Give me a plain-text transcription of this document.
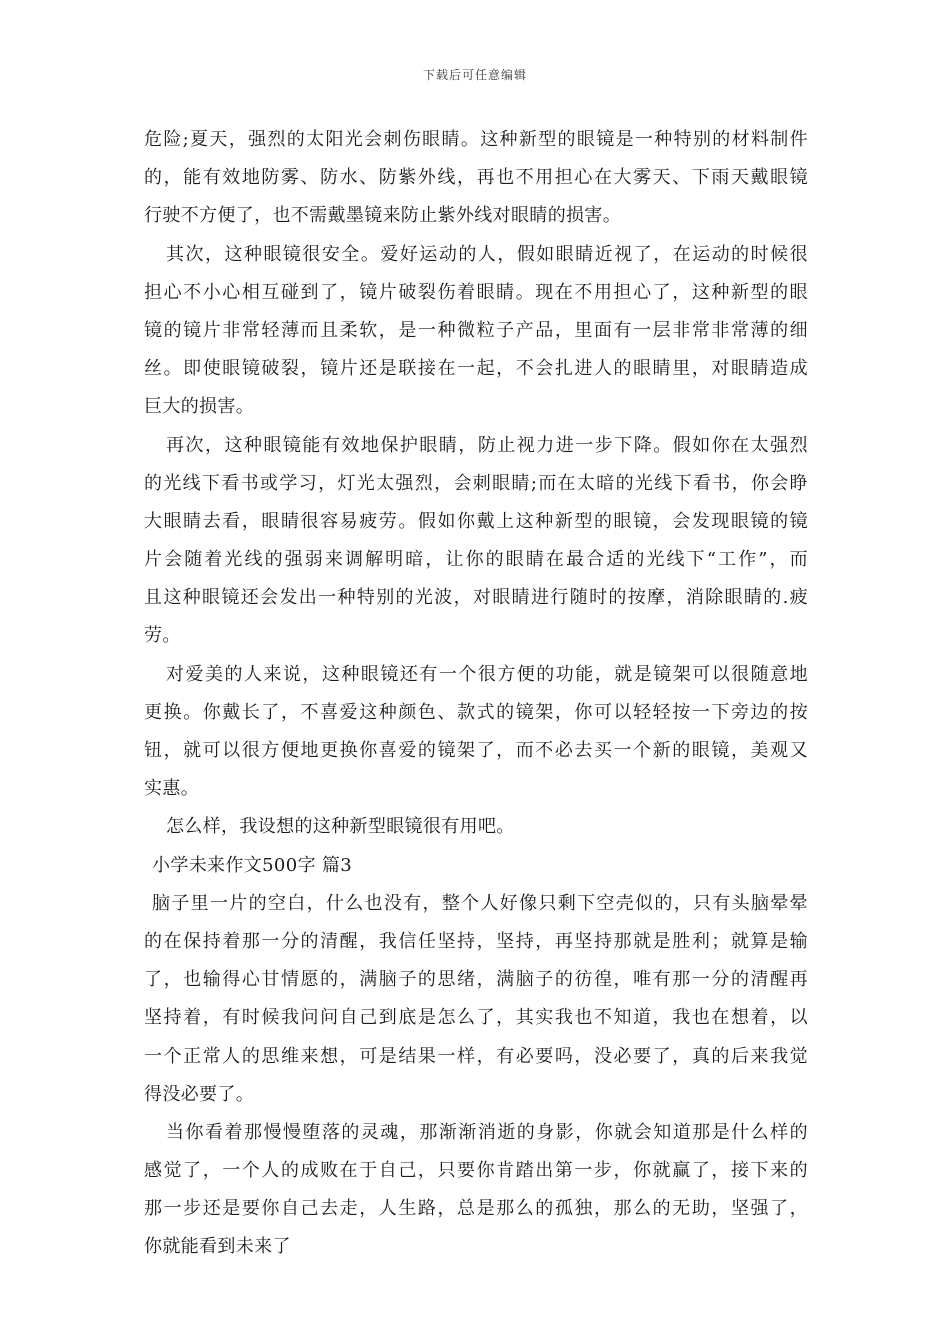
下载后可任意编辑
危险;夏天，强烈的太阳光会刺伤眼睛。这种新型的眼镜是一种特别的材料制件
的，能有效地防雾、防水、防紫外线，再也不用担心在大雾天、下雨天戴眼镜
行驶不方便了，也不需戴墨镜来防止紫外线对眼睛的损害。
其次，这种眼镜很安全。爱好运动的人，假如眼睛近视了，在运动的时候很
担心不小心相互碰到了，镜片破裂伤着眼睛。现在不用担心了，这种新型的眼
镜的镜片非常轻薄而且柔软，是一种微粒子产品，里面有一层非常非常薄的细
丝。即使眼镜破裂，镜片还是联接在一起，不会扎进人的眼睛里，对眼睛造成
巨大的损害。
再次，这种眼镜能有效地保护眼睛，防止视力进一步下降。假如你在太强烈
的光线下看书或学习，灯光太强烈，会刺眼睛;而在太暗的光线下看书，你会睁
大眼睛去看，眼睛很容易疲劳。假如你戴上这种新型的眼镜，会发现眼镜的镜
片会随着光线的强弱来调解明暗，让你的眼睛在最合适的光线下“工作”，而
且这种眼镜还会发出一种特别的光波，对眼睛进行随时的按摩，消除眼睛的.疲
劳。
对爱美的人来说，这种眼镜还有一个很方便的功能，就是镜架可以很随意地
更换。你戴长了，不喜爱这种颜色、款式的镜架，你可以轻轻按一下旁边的按
钮，就可以很方便地更换你喜爱的镜架了，而不必去买一个新的眼镜，美观又
实惠。
怎么样，我设想的这种新型眼镜很有用吧。
小学未来作文500字 篇3
脑子里一片的空白，什么也没有，整个人好像只剩下空壳似的，只有头脑晕晕
的在保持着那一分的清醒，我信任坚持，坚持，再坚持那就是胜利；就算是输
了，也输得心甘情愿的，满脑子的思绪，满脑子的彷徨，唯有那一分的清醒再
坚持着，有时候我问问自己到底是怎么了，其实我也不知道，我也在想着，以
一个正常人的思维来想，可是结果一样，有必要吗，没必要了，真的后来我觉
得没必要了。
当你看着那慢慢堕落的灵魂，那渐渐消逝的身影，你就会知道那是什么样的
感觉了，一个人的成败在于自己，只要你肯踏出第一步，你就赢了，接下来的
那一步还是要你自己去走，人生路，总是那么的孤独，那么的无助，坚强了，
你就能看到未来了
